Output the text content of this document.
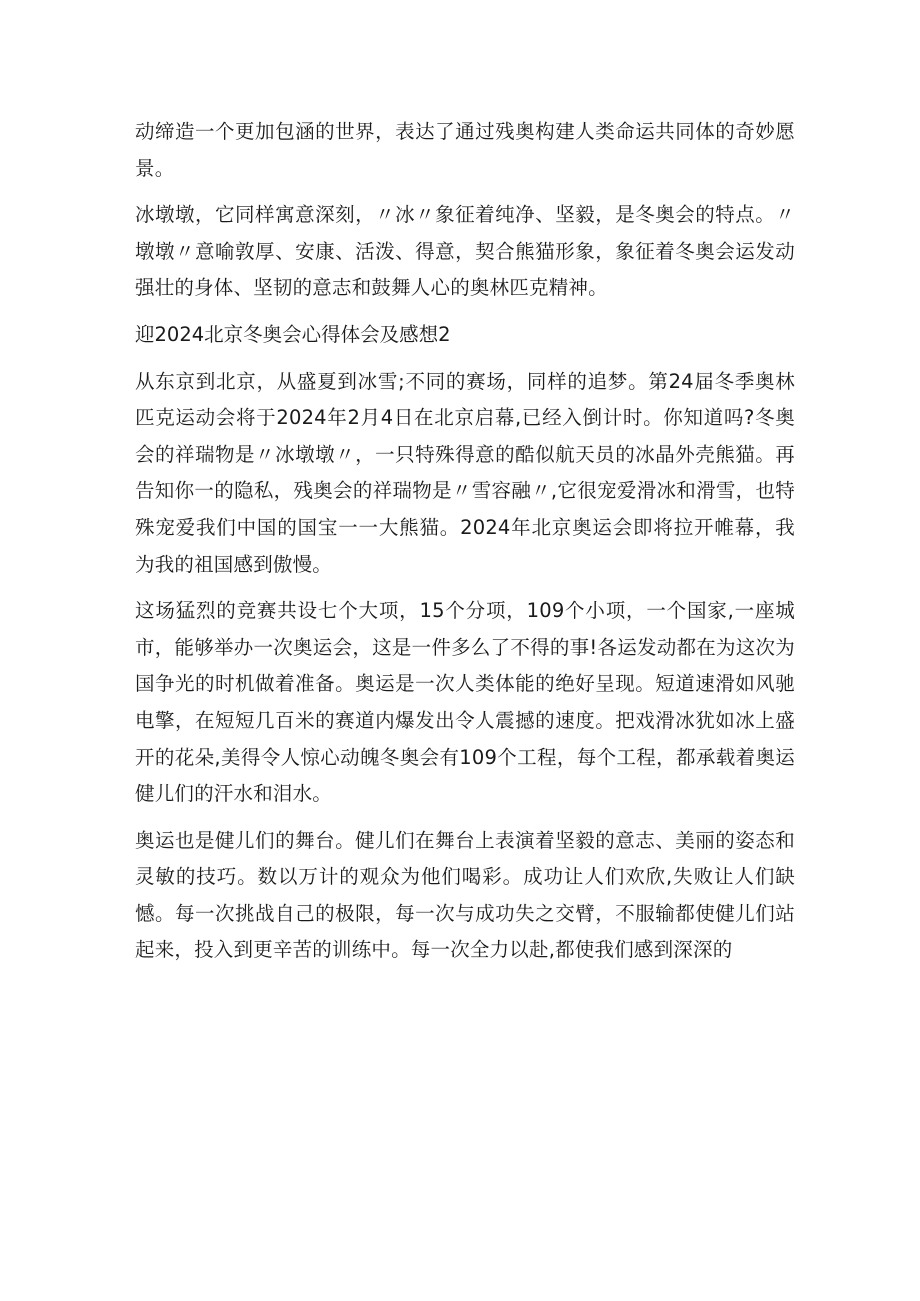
动缔造一个更加包涵的世界，表达了通过残奥构建人类命运共同体的奇妙愿景。

冰墩墩，它同样寓意深刻，〃冰〃象征着纯净、坚毅，是冬奥会的特点。〃墩墩〃意喻敦厚、安康、活泼、得意，契合熊猫形象，象征着冬奥会运发动强壮的身体、坚韧的意志和鼓舞人心的奥林匹克精神。

迎2024北京冬奥会心得体会及感想2

从东京到北京，从盛夏到冰雪;不同的赛场，同样的追梦。第24届冬季奥林匹克运动会将于2024年2月4日在北京启幕,已经入倒计时。你知道吗?冬奥会的祥瑞物是〃冰墩墩〃，一只特殊得意的酷似航天员的冰晶外壳熊猫。再告知你一的隐私，残奥会的祥瑞物是〃雪容融〃,它很宠爱滑冰和滑雪，也特殊宠爱我们中国的国宝一一大熊猫。2024年北京奥运会即将拉开帷幕，我为我的祖国感到傲慢。

这场猛烈的竞赛共设七个大项，15个分项，109个小项，一个国家,一座城市，能够举办一次奥运会，这是一件多么了不得的事!各运发动都在为这次为国争光的时机做着准备。奥运是一次人类体能的绝好呈现。短道速滑如风驰电擎，在短短几百米的赛道内爆发出令人震撼的速度。把戏滑冰犹如冰上盛开的花朵,美得令人惊心动魄冬奥会有109个工程，每个工程，都承载着奥运健儿们的汗水和泪水。

奥运也是健儿们的舞台。健儿们在舞台上表演着坚毅的意志、美丽的姿态和灵敏的技巧。数以万计的观众为他们喝彩。成功让人们欢欣,失败让人们缺憾。每一次挑战自己的极限，每一次与成功失之交臂，不服输都使健儿们站起来，投入到更辛苦的训练中。每一次全力以赴,都使我们感到深深的
